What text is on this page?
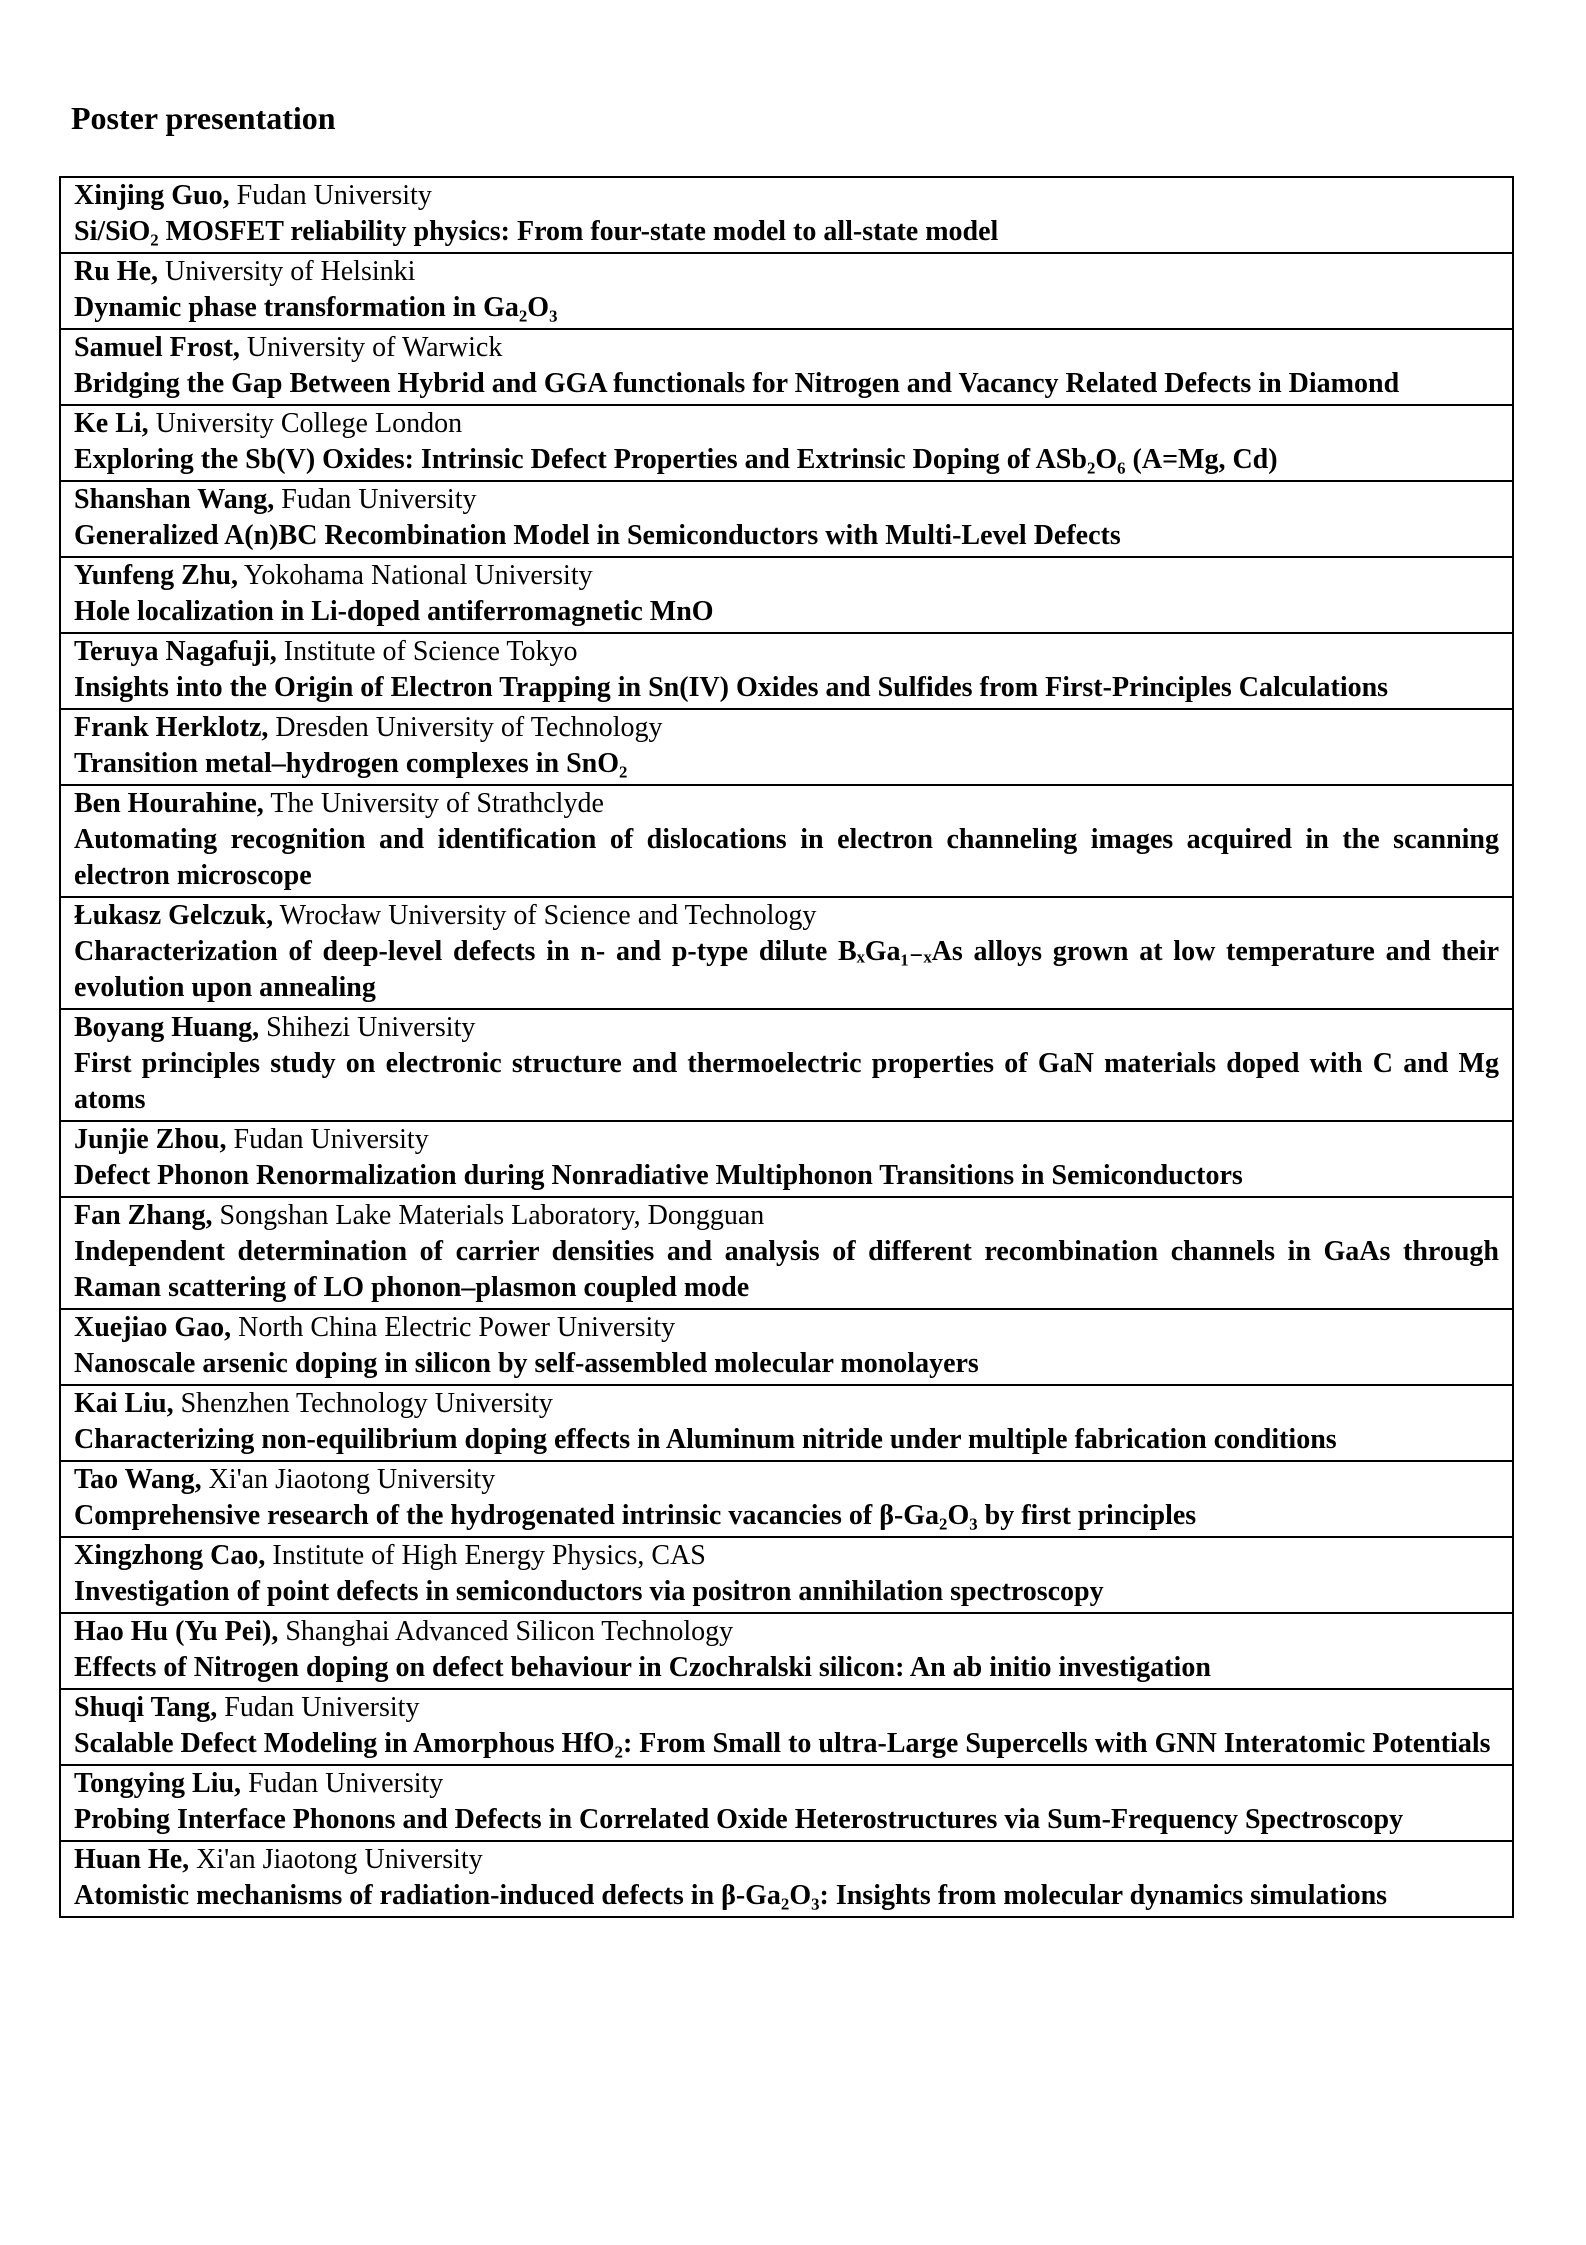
Poster presentation

Xinjing Guo, Fudan University

Si/SiO₂ MOSFET reliability physics: From four-state model to all-state model

Ru He, University of Helsinki

Dynamic phase transformation in Ga₂O₃

Samuel Frost, University of Warwick

Bridging the Gap Between Hybrid and GGA functionals for Nitrogen and Vacancy Related Defects in Diamond

Ke Li, University College London

Exploring the Sb(V) Oxides: Intrinsic Defect Properties and Extrinsic Doping of ASb₂O₆ (A=Mg, Cd)

Shanshan Wang, Fudan University

Generalized A(n)BC Recombination Model in Semiconductors with Multi-Level Defects

Yunfeng Zhu, Yokohama National University

Hole localization in Li-doped antiferromagnetic MnO

Teruya Nagafuji, Institute of Science Tokyo

Insights into the Origin of Electron Trapping in Sn(IV) Oxides and Sulfides from First-Principles Calculations

Frank Herklotz, Dresden University of Technology

Transition metal–hydrogen complexes in SnO₂

Ben Hourahine, The University of Strathclyde

Automating recognition and identification of dislocations in electron channeling images acquired in the scanning electron microscope

Łukasz Gelczuk, Wrocław University of Science and Technology

Characterization of deep-level defects in n- and p-type dilute BₓGa₁₋ₓAs alloys grown at low temperature and their evolution upon annealing

Boyang Huang, Shihezi University

First principles study on electronic structure and thermoelectric properties of GaN materials doped with C and Mg atoms

Junjie Zhou, Fudan University

Defect Phonon Renormalization during Nonradiative Multiphonon Transitions in Semiconductors

Fan Zhang, Songshan Lake Materials Laboratory, Dongguan

Independent determination of carrier densities and analysis of different recombination channels in GaAs through Raman scattering of LO phonon–plasmon coupled mode

Xuejiao Gao, North China Electric Power University

Nanoscale arsenic doping in silicon by self-assembled molecular monolayers

Kai Liu, Shenzhen Technology University

Characterizing non-equilibrium doping effects in Aluminum nitride under multiple fabrication conditions

Tao Wang, Xi'an Jiaotong University

Comprehensive research of the hydrogenated intrinsic vacancies of β-Ga₂O₃ by first principles

Xingzhong Cao, Institute of High Energy Physics, CAS

Investigation of point defects in semiconductors via positron annihilation spectroscopy

Hao Hu (Yu Pei), Shanghai Advanced Silicon Technology

Effects of Nitrogen doping on defect behaviour in Czochralski silicon: An ab initio investigation

Shuqi Tang, Fudan University

Scalable Defect Modeling in Amorphous HfO₂: From Small to ultra-Large Supercells with GNN Interatomic Potentials

Tongying Liu, Fudan University

Probing Interface Phonons and Defects in Correlated Oxide Heterostructures via Sum-Frequency Spectroscopy

Huan He, Xi'an Jiaotong University

Atomistic mechanisms of radiation-induced defects in β-Ga₂O₃: Insights from molecular dynamics simulations
